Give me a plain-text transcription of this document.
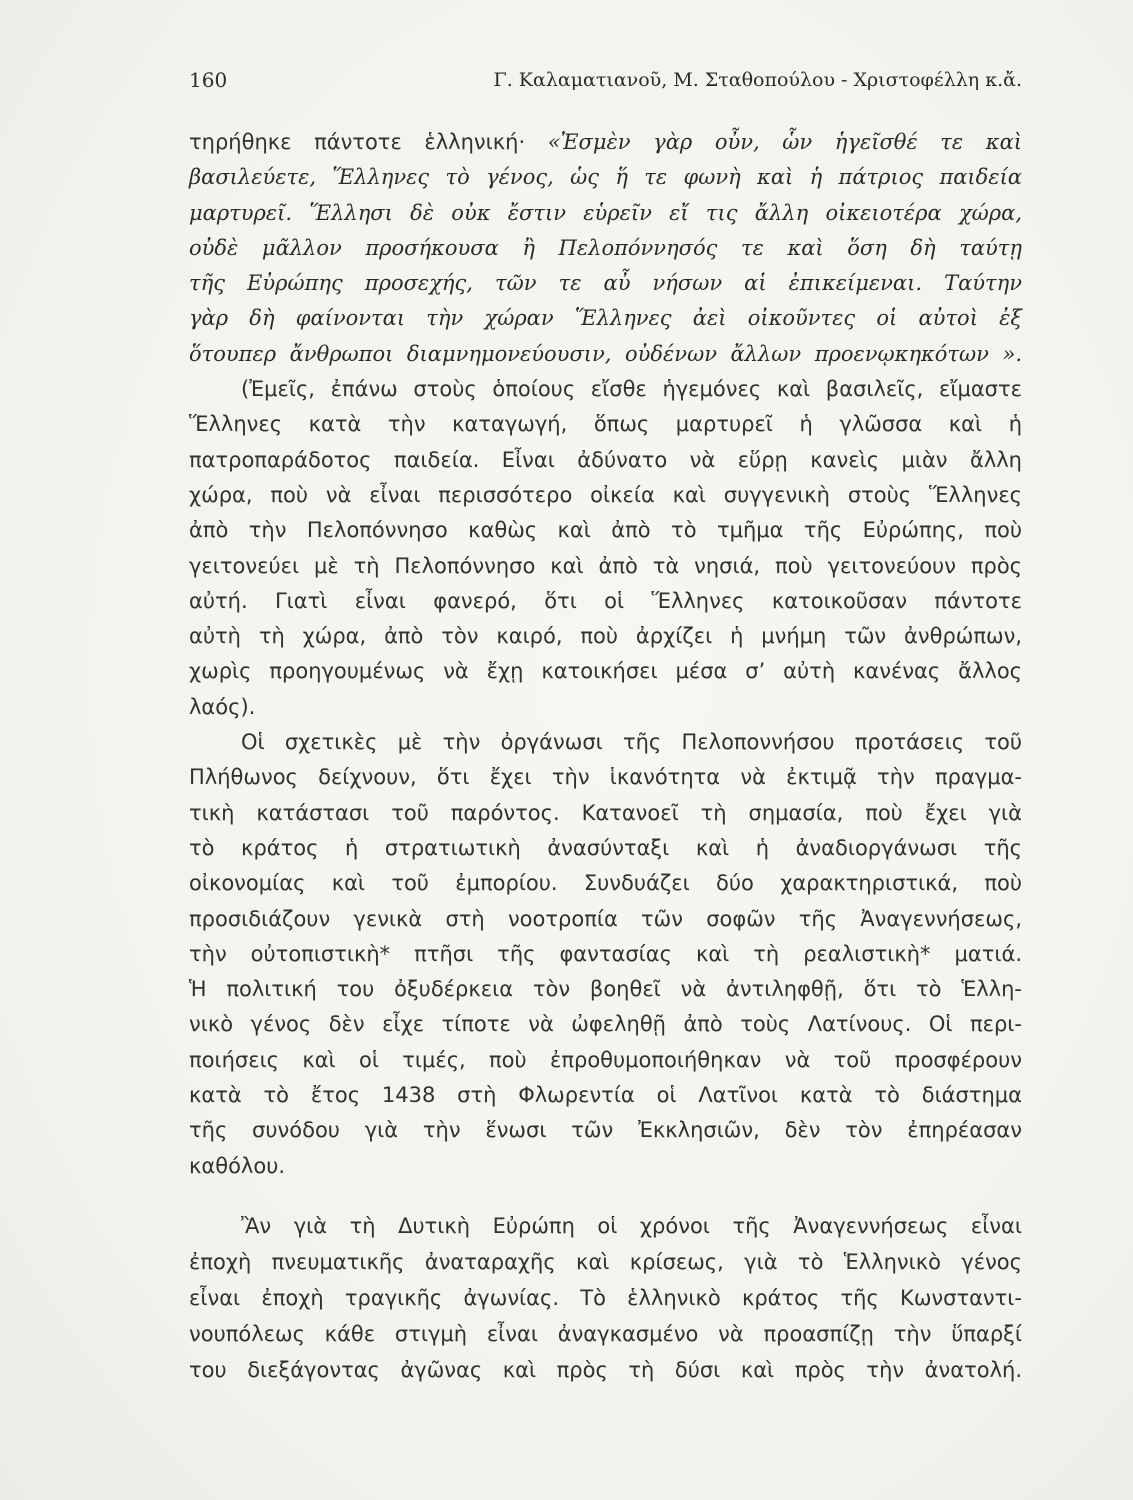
160	Γ. Καλαματιανοῦ, Μ. Σταθοπούλου - Χριστοφέλλη κ.ἄ.
τηρήθηκε πάντοτε ἑλληνική· «Ἐσμὲν γὰρ οὖν, ὧν ἡγεῖσθέ τε καὶ
βασιλεύετε, Ἕλληνες τὸ γένος, ὡς ἥ τε φωνὴ καὶ ἡ πάτριος παιδεία
μαρτυρεῖ. Ἕλλησι δὲ οὐκ ἔστιν εὑρεῖν εἴ τις ἄλλη οἰκειοτέρα χώρα,
οὐδὲ μᾶλλον προσήκουσα ἢ Πελοπόννησός τε καὶ ὅση δὴ ταύτῃ
τῆς Εὐρώπης προσεχής, τῶν τε αὖ νήσων αἱ ἐπικείμεναι. Ταύτην
γὰρ δὴ φαίνονται τὴν χώραν Ἕλληνες ἀεὶ οἰκοῦντες οἱ αὐτοὶ ἐξ
ὅτουπερ ἄνθρωποι διαμνημονεύουσιν, οὐδένων ἄλλων προενῳκηκότων ».
(Ἐμεῖς, ἐπάνω στοὺς ὁποίους εἴσθε ἡγεμόνες καὶ βασιλεῖς, εἴμαστε
Ἕλληνες κατὰ τὴν καταγωγή, ὅπως μαρτυρεῖ ἡ γλῶσσα καὶ ἡ
πατροπαράδοτος παιδεία. Εἶναι ἀδύνατο νὰ εὕρῃ κανεὶς μιὰν ἄλλη
χώρα, ποὺ νὰ εἶναι περισσότερο οἰκεία καὶ συγγενικὴ στοὺς Ἕλληνες
ἀπὸ τὴν Πελοπόννησο καθὼς καὶ ἀπὸ τὸ τμῆμα τῆς Εὐρώπης, ποὺ
γειτονεύει μὲ τὴ Πελοπόννησο καὶ ἀπὸ τὰ νησιά, ποὺ γειτονεύουν πρὸς
αὐτή. Γιατὶ εἶναι φανερό, ὅτι οἱ Ἕλληνες κατοικοῦσαν πάντοτε
αὐτὴ τὴ χώρα, ἀπὸ τὸν καιρό, ποὺ ἀρχίζει ἡ μνήμη τῶν ἀνθρώπων,
χωρὶς προηγουμένως νὰ ἔχῃ κατοικήσει μέσα σ’ αὐτὴ κανένας ἄλλος
λαός).
Οἱ σχετικὲς μὲ τὴν ὀργάνωσι τῆς Πελοποννήσου προτάσεις τοῦ
Πλήθωνος δείχνουν, ὅτι ἔχει τὴν ἱκανότητα νὰ ἐκτιμᾷ τὴν πραγμα-
τικὴ κατάστασι τοῦ παρόντος. Κατανοεῖ τὴ σημασία, ποὺ ἔχει γιὰ
τὸ κράτος ἡ στρατιωτικὴ ἀνασύνταξι καὶ ἡ ἀναδιοργάνωσι τῆς
οἰκονομίας καὶ τοῦ ἐμπορίου. Συνδυάζει δύο χαρακτηριστικά, ποὺ
προσιδιάζουν γενικὰ στὴ νοοτροπία τῶν σοφῶν τῆς Ἀναγεννήσεως,
τὴν οὐτοπιστικὴ* πτῆσι τῆς φαντασίας καὶ τὴ ρεαλιστικὴ* ματιά.
Ἡ πολιτική του ὀξυδέρκεια τὸν βοηθεῖ νὰ ἀντιληφθῇ, ὅτι τὸ Ἑλλη-
νικὸ γένος δὲν εἶχε τίποτε νὰ ὠφεληθῇ ἀπὸ τοὺς Λατίνους. Οἱ περι-
ποιήσεις καὶ οἱ τιμές, ποὺ ἐπροθυμοποιήθηκαν νὰ τοῦ προσφέρουν
κατὰ τὸ ἔτος 1438 στὴ Φλωρεντία οἱ Λατῖνοι κατὰ τὸ διάστημα
τῆς συνόδου γιὰ τὴν ἕνωσι τῶν Ἐκκλησιῶν, δὲν τὸν ἐπηρέασαν
καθόλου.
Ἂν γιὰ τὴ Δυτικὴ Εὐρώπη οἱ χρόνοι τῆς Ἀναγεννήσεως εἶναι
ἐποχὴ πνευματικῆς ἀναταραχῆς καὶ κρίσεως, γιὰ τὸ Ἑλληνικὸ γένος
εἶναι ἐποχὴ τραγικῆς ἀγωνίας. Τὸ ἑλληνικὸ κράτος τῆς Κωνσταντι-
νουπόλεως κάθε στιγμὴ εἶναι ἀναγκασμένο νὰ προασπίζῃ τὴν ὕπαρξί
του διεξάγοντας ἀγῶνας καὶ πρὸς τὴ δύσι καὶ πρὸς τὴν ἀνατολή.
